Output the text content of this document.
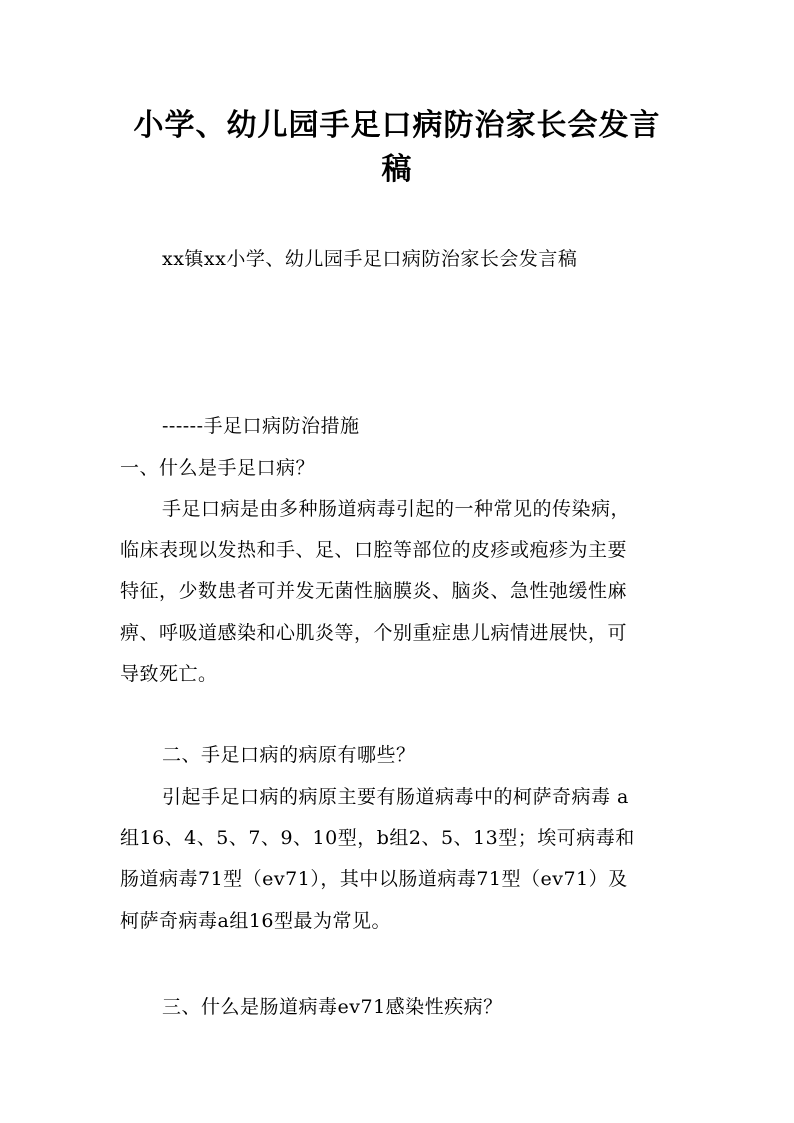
小学、幼儿园手足口病防治家长会发言
稿
xx镇xx小学、幼儿园手足口病防治家长会发言稿
------手足口病防治措施
一、什么是手足口病？
手足口病是由多种肠道病毒引起的一种常见的传染病，
临床表现以发热和手、足、口腔等部位的皮疹或疱疹为主要
特征，少数患者可并发无菌性脑膜炎、脑炎、急性弛缓性麻
痹、呼吸道感染和心肌炎等，个别重症患儿病情进展快，可
导致死亡。
二、手足口病的病原有哪些？
引起手足口病的病原主要有肠道病毒中的柯萨奇病毒 a
组16、4、5、7、9、10型，b组2、5、13型；埃可病毒和
肠道病毒71型（ev71），其中以肠道病毒71型（ev71）及
柯萨奇病毒a组16型最为常见。
三、什么是肠道病毒ev71感染性疾病？
